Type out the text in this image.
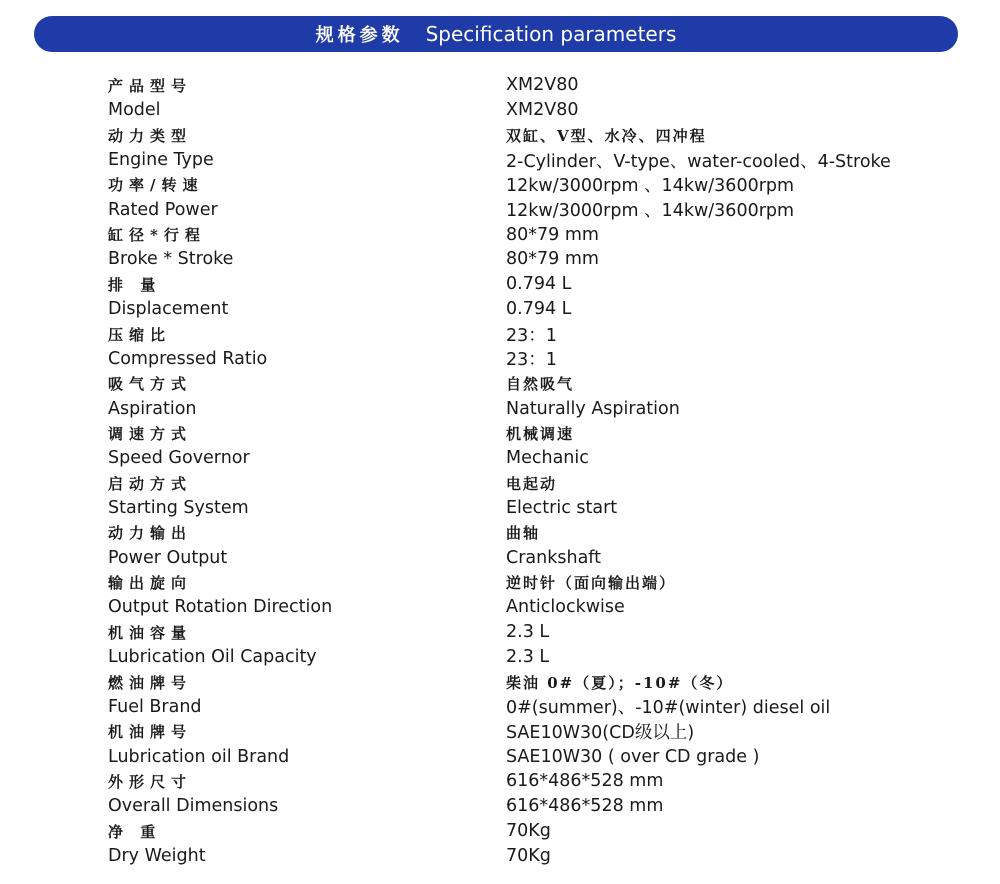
规格参数 Specification parameters
产品型号	XM2V80
Model	XM2V80
动力类型	双缸、V型、水冷、四冲程
Engine Type	2-Cylinder、V-type、water-cooled、4-Stroke
功率/转速	12kw/3000rpm 、14kw/3600rpm
Rated Power	12kw/3000rpm 、14kw/3600rpm
缸径*行程	80*79 mm
Broke * Stroke	80*79 mm
排 量	0.794 L
Displacement	0.794 L
压缩比	23：1
Compressed Ratio	23：1
吸气方式	自然吸气
Aspiration	Naturally Aspiration
调速方式	机械调速
Speed Governor	Mechanic
启动方式	电起动
Starting System	Electric start
动力输出	曲轴
Power Output	Crankshaft
输出旋向	逆时针（面向输出端）
Output Rotation Direction	Anticlockwise
机油容量	2.3 L
Lubrication Oil Capacity	2.3 L
燃油牌号	柴油 0#（夏）；-10#（冬）
Fuel Brand	0#(summer)、-10#(winter) diesel oil
机油牌号	SAE10W30(CD级以上)
Lubrication oil Brand	SAE10W30 ( over CD grade )
外形尺寸	616*486*528 mm
Overall Dimensions	616*486*528 mm
净 重	70Kg
Dry Weight	70Kg
